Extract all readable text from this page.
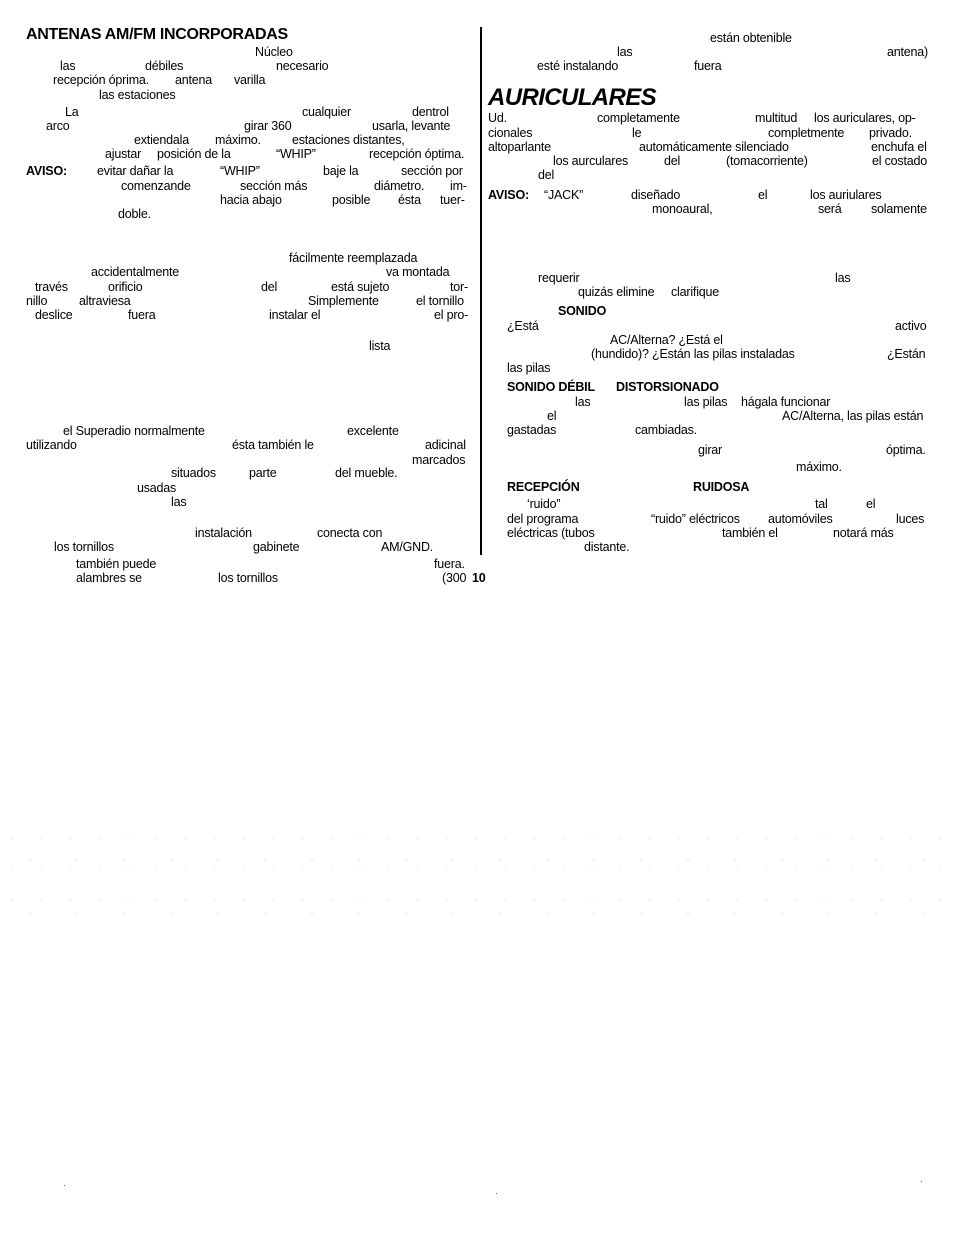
ANTENAS AM/FM INCORPORADAS
Núcleo
las	débiles	necesario
recepción óprima. antena varilla
las estaciones
La	cualquier	dentrol
arco	girar 360	usarla, levante
extiendala máximo. estaciones distantes,
ajustar posición de la	“WHIP”	recepción óptima.
AVISO: evitar dañar la	“WHIP”	baje la	sección por
comenzande	sección más	diámetro. im-
hacia abajo	posible ésta tuer-
doble.
fácilmente reemplazada
accidentalmente	va montada
través	orificio	del	está sujeto	tor-
nillo	altraviesa	Simplemente	el tornillo
deslice	fuera	instalar el	el pro-
lista
el Superadio normalmente	excelente
utilizando	ésta también le	adicinal
marcados
situados	parte	del mueble.
usadas
las
instalación	conecta con
los tornillos	gabinete	AM/GND.
también puede	fuera.
alambres se	los tornillos	(300 10
están obtenible
las	antena)
esté instalando	fuera
AURICULARES
Ud.	completamente	multitud los auriculares, op-
cionales	le	completmente privado.
altoparlante	automáticamente silenciado	enchufa el
los aurculares	del	(tomacorriente)	el costado
del
AVISO: “JACK”	diseñado	el	los auriulares
monoaural,	será solamente
requerir	las
quizás elimine clarifique
SONIDO
¿Está	activo
AC/Alterna? ¿Está el
(hundido)? ¿Están las pilas instaladas	¿Están
las pilas
SONIDO DÉBIL DISTORSIONADO
las	las pilas hágala funcionar
el	AC/Alterna, las pilas están
gastadas	cambiadas.
girar	óptima.
máximo.
RECEPCIÓN	RUIDOSA
‘ruido”	tal	el
del programa	“ruido” eléctricos automóviles	luces
eléctricas (tubos	también el	notará más
distante.
·
·
·
